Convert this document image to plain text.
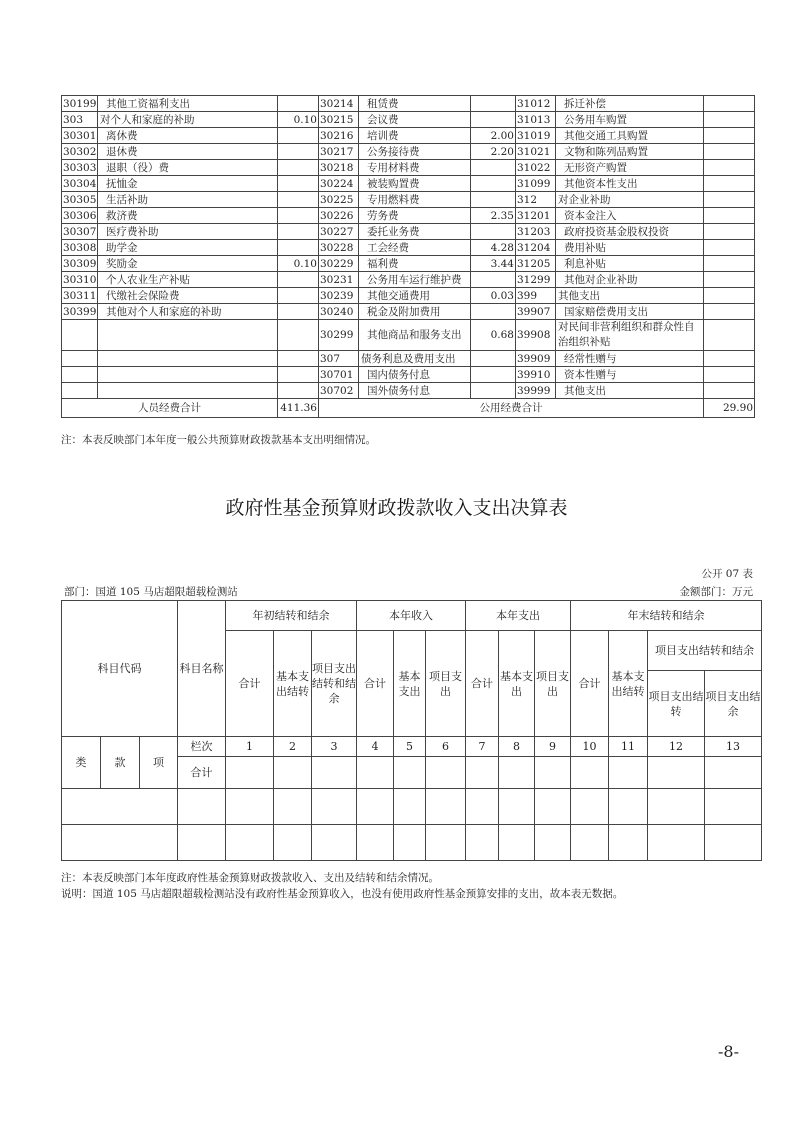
30199	其他工资福利支出		30214	租赁费		31012	拆迁补偿	
303	对个人和家庭的补助	0.10	30215	会议费		31013	公务用车购置	
30301	离休费		30216	培训费	2.00	31019	其他交通工具购置	
30302	退休费		30217	公务接待费	2.20	31021	文物和陈列品购置	
30303	退职（役）费		30218	专用材料费		31022	无形资产购置	
30304	抚恤金		30224	被装购置费		31099	其他资本性支出	
30305	生活补助		30225	专用燃料费		312	对企业补助	
30306	救济费		30226	劳务费	2.35	31201	资本金注入	
30307	医疗费补助		30227	委托业务费		31203	政府投资基金股权投资	
30308	助学金		30228	工会经费	4.28	31204	费用补贴	
30309	奖励金	0.10	30229	福利费	3.44	31205	利息补贴	
30310	个人农业生产补贴		30231	公务用车运行维护费		31299	其他对企业补助	
30311	代缴社会保险费		30239	其他交通费用	0.03	399	其他支出	
30399	其他对个人和家庭的补助		30240	税金及附加费用		39907	国家赔偿费用支出	
			30299	其他商品和服务支出	0.68	39908	对民间非营利组织和群众性自治组织补贴	
			307	债务利息及费用支出		39909	经常性赠与	
			30701	国内债务付息		39910	资本性赠与	
			30702	国外债务付息		39999	其他支出	
人员经费合计		411.36	公用经费合计					29.90
注：本表反映部门本年度一般公共预算财政拨款基本支出明细情况。
政府性基金预算财政拨款收入支出决算表
公开 07 表
部门：国道 105 马店超限超载检测站	金额部门：万元
科目代码			科目名称	年初结转和结余			本年收入			本年支出			年末结转和结余			
				合计	基本支出结转	项目支出结转和结余	合计	基本支出	项目支出	合计	基本支出	项目支出	合计	基本支出结转	项目支出结转和结余	
															项目支出结转	项目支出结余
类	款	项	栏次	1	2	3	4	5	6	7	8	9	10	11	12	13
			合计													

注：本表反映部门本年度政府性基金预算财政拨款收入、支出及结转和结余情况。
说明：国道 105 马店超限超载检测站没有政府性基金预算收入，也没有使用政府性基金预算安排的支出，故本表无数据。
-8-
